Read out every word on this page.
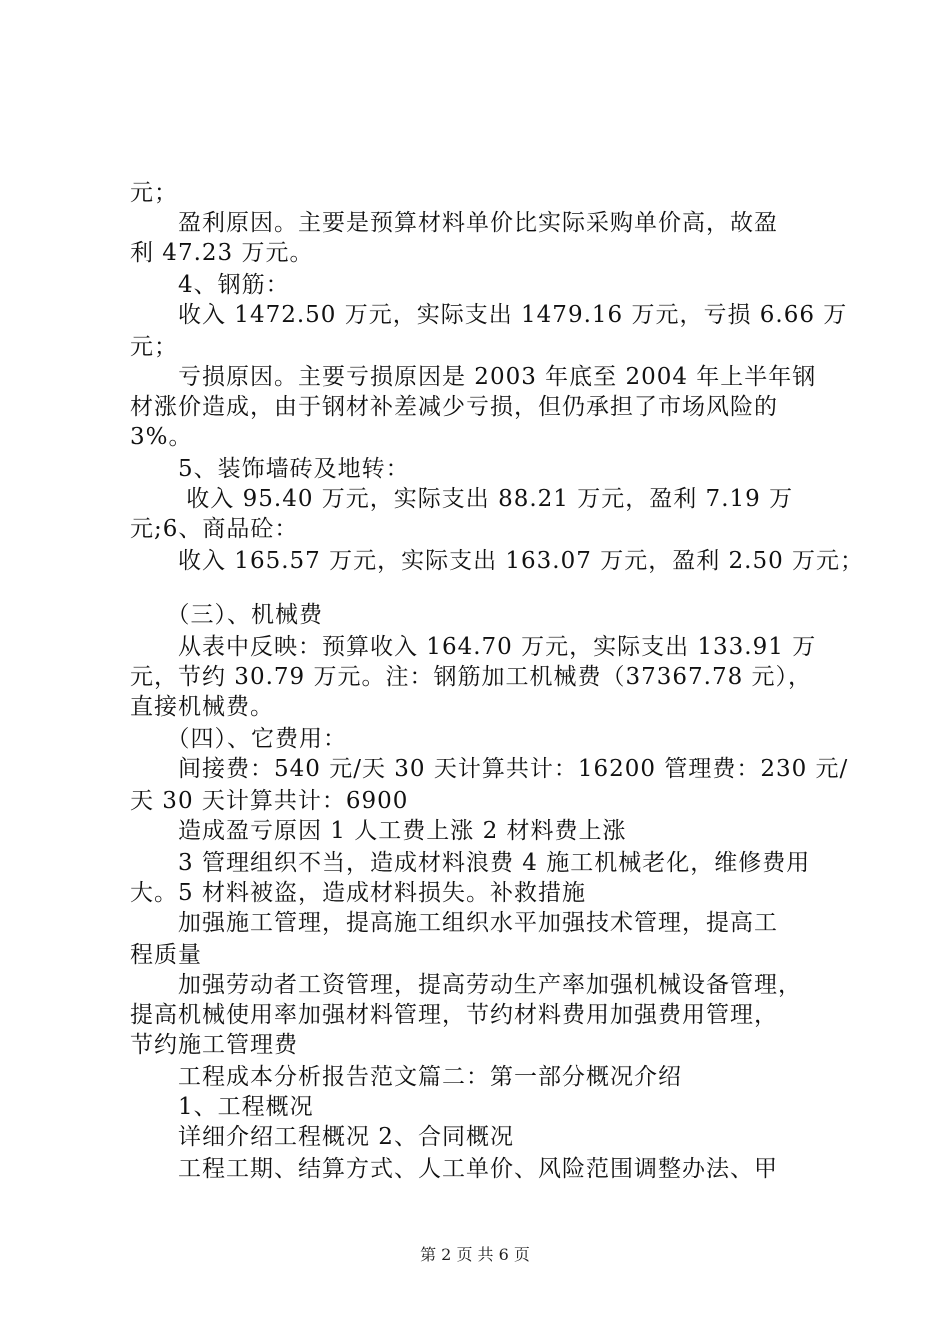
元；
　　盈利原因。主要是预算材料单价比实际采购单价高，故盈
利 47.23 万元。
　　4、钢筋：
　　收入 1472.50 万元，实际支出 1479.16 万元，亏损 6.66 万
元；
　　亏损原因。主要亏损原因是 2003 年底至 2004 年上半年钢
材涨价造成，由于钢材补差减少亏损，但仍承担了市场风险的
3%。
　　5、装饰墙砖及地转：
　　 收入 95.40 万元，实际支出 88.21 万元，盈利 7.19 万
元;6、商品砼：
　　收入 165.57 万元，实际支出 163.07 万元，盈利 2.50 万元；
　　（三）、机械费
　　从表中反映：预算收入 164.70 万元，实际支出 133.91 万
元，节约 30.79 万元。注：钢筋加工机械费（37367.78 元），
直接机械费。
　　（四）、它费用：
　　间接费：540 元/天 30 天计算共计：16200 管理费：230 元/
天 30 天计算共计：6900
　　造成盈亏原因 1 人工费上涨 2 材料费上涨
　　3 管理组织不当，造成材料浪费 4 施工机械老化，维修费用
大。5 材料被盗，造成材料损失。补救措施
　　加强施工管理，提高施工组织水平加强技术管理，提高工
程质量
　　加强劳动者工资管理，提高劳动生产率加强机械设备管理，
提高机械使用率加强材料管理，节约材料费用加强费用管理，
节约施工管理费
　　工程成本分析报告范文篇二：第一部分概况介绍
　　1、工程概况
　　详细介绍工程概况 2、合同概况
　　工程工期、结算方式、人工单价、风险范围调整办法、甲
第 2 页 共 6 页
